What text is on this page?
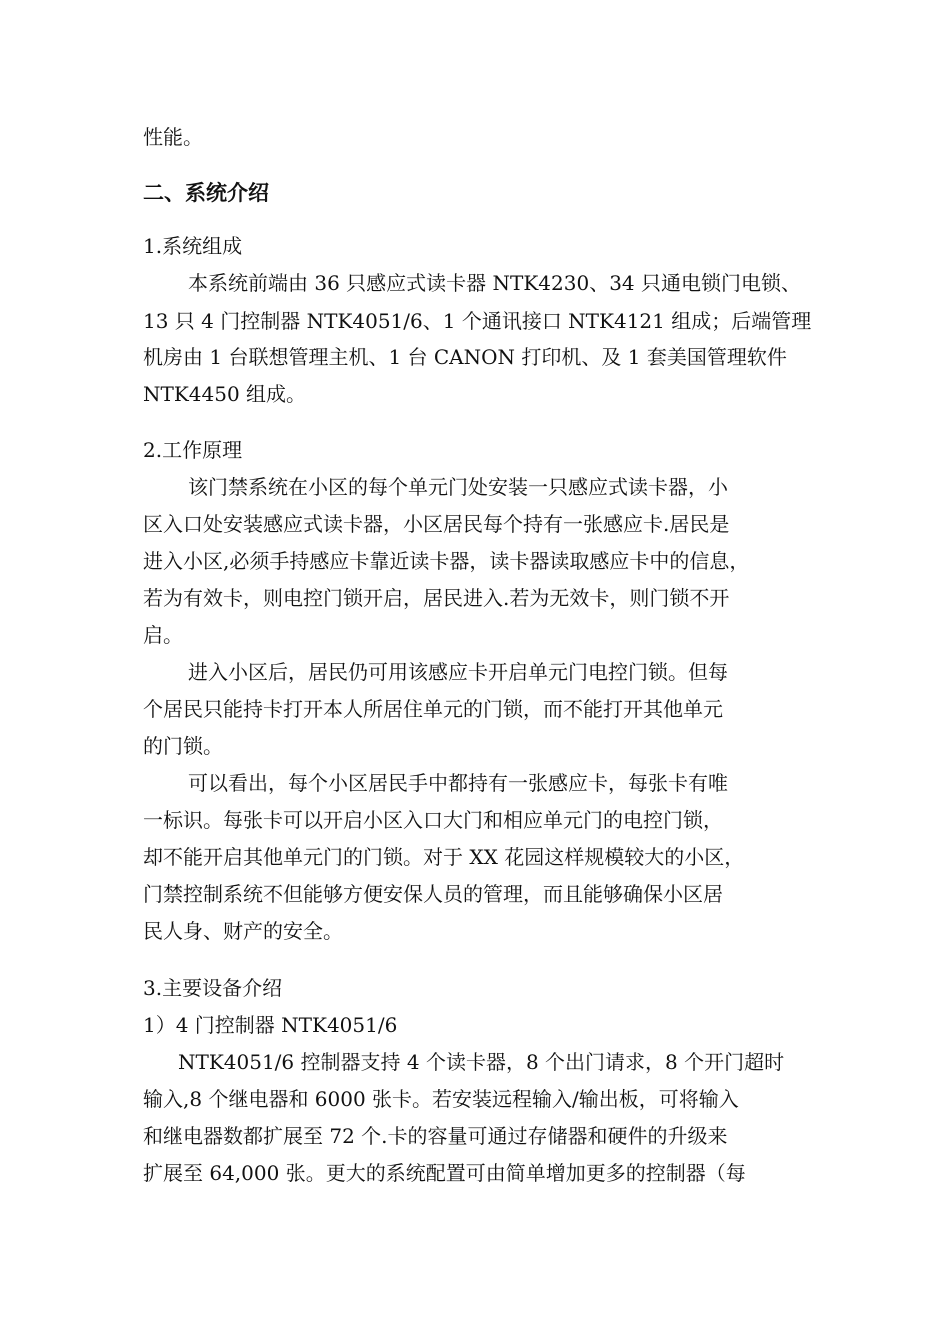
性能。
二、系统介绍
1.系统组成
本系统前端由 36 只感应式读卡器 NTK4230、34 只通电锁门电锁、
13 只 4 门控制器 NTK4051/6、1 个通讯接口 NTK4121 组成；后端管理
机房由 1 台联想管理主机、1 台 CANON 打印机、及 1 套美国管理软件
NTK4450 组成。
2.工作原理
该门禁系统在小区的每个单元门处安装一只感应式读卡器，小
区入口处安装感应式读卡器，小区居民每个持有一张感应卡.居民是
进入小区,必须手持感应卡靠近读卡器，读卡器读取感应卡中的信息，
若为有效卡，则电控门锁开启，居民进入.若为无效卡，则门锁不开
启。
进入小区后，居民仍可用该感应卡开启单元门电控门锁。但每
个居民只能持卡打开本人所居住单元的门锁，而不能打开其他单元
的门锁。
可以看出，每个小区居民手中都持有一张感应卡，每张卡有唯
一标识。每张卡可以开启小区入口大门和相应单元门的电控门锁，
却不能开启其他单元门的门锁。对于 XX 花园这样规模较大的小区，
门禁控制系统不但能够方便安保人员的管理，而且能够确保小区居
民人身、财产的安全。
3.主要设备介绍
1）4 门控制器 NTK4051/6
NTK4051/6 控制器支持 4 个读卡器，8 个出门请求，8 个开门超时
输入,8 个继电器和 6000 张卡。若安装远程输入/输出板，可将输入
和继电器数都扩展至 72 个.卡的容量可通过存储器和硬件的升级来
扩展至 64,000 张。更大的系统配置可由简单增加更多的控制器（每
